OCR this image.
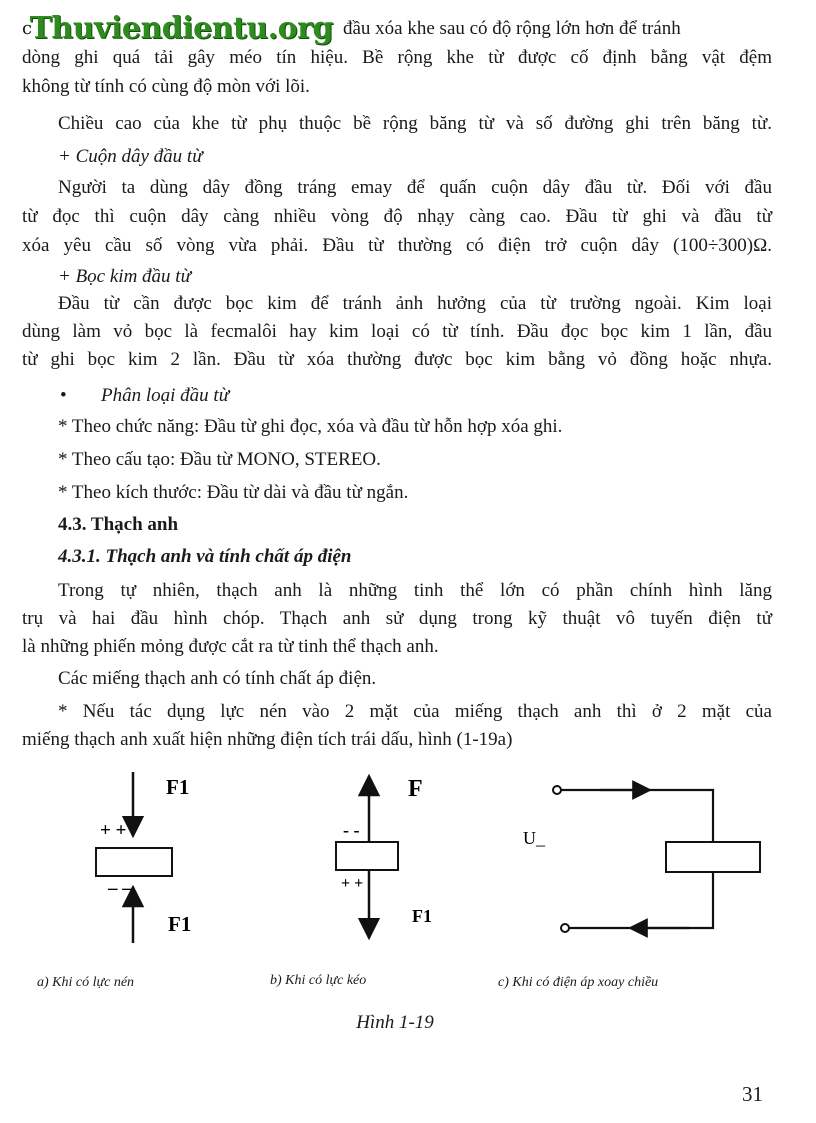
cThuviendientu.org đầu xóa khe sau có độ rộng lớn hơn để tránh
dòng ghi quá tải gây méo tín hiệu. Bề rộng khe từ được cố định bằng vật đệm
không từ tính có cùng độ mòn với lõi.
Chiều cao của khe từ phụ thuộc bề rộng băng từ và số đường ghi trên băng từ.
+ Cuộn dây đầu từ
Người ta dùng dây đồng tráng emay để quấn cuộn dây đầu từ. Đối với đầu
từ đọc thì cuộn dây càng nhiều vòng độ nhạy càng cao. Đầu từ ghi và đầu từ
xóa yêu cầu số vòng vừa phải. Đầu từ thường có điện trở cuộn dây (100÷300)Ω.
+ Bọc kim đầu từ
Đầu từ cần được bọc kim để tránh ảnh hưởng của từ trường ngoài. Kim loại
dùng làm vỏ bọc là fecmalôi hay kim loại có từ tính. Đầu đọc bọc kim 1 lần, đầu
từ ghi bọc kim 2 lần. Đầu từ xóa thường được bọc kim bằng vỏ đồng hoặc nhựa.
•	Phân loại đầu từ
* Theo chức năng: Đầu từ ghi đọc, xóa và đầu từ hỗn hợp xóa ghi.
* Theo cấu tạo: Đầu từ MONO, STEREO.
* Theo kích thước: Đầu từ dài và đầu từ ngắn.
4.3. Thạch anh
4.3.1. Thạch anh và tính chất áp điện
Trong tự nhiên, thạch anh là những tinh thể lớn có phần chính hình lăng
trụ và hai đầu hình chóp. Thạch anh sử dụng trong kỹ thuật vô tuyến điện tử
là những phiến mỏng được cắt ra từ tinh thể thạch anh.
Các miếng thạch anh có tính chất áp điện.
* Nếu tác dụng lực nén vào 2 mặt của miếng thạch anh thì ở 2 mặt của
miếng thạch anh xuất hiện những điện tích trái dấu, hình (1-19a)
F1
+ +
– –
F1
F
- -
+ +
F1
U_
a) Khi có lực nén	b) Khi có lực kéo	c) Khi có điện áp xoay chiều
Hình 1-19
31
